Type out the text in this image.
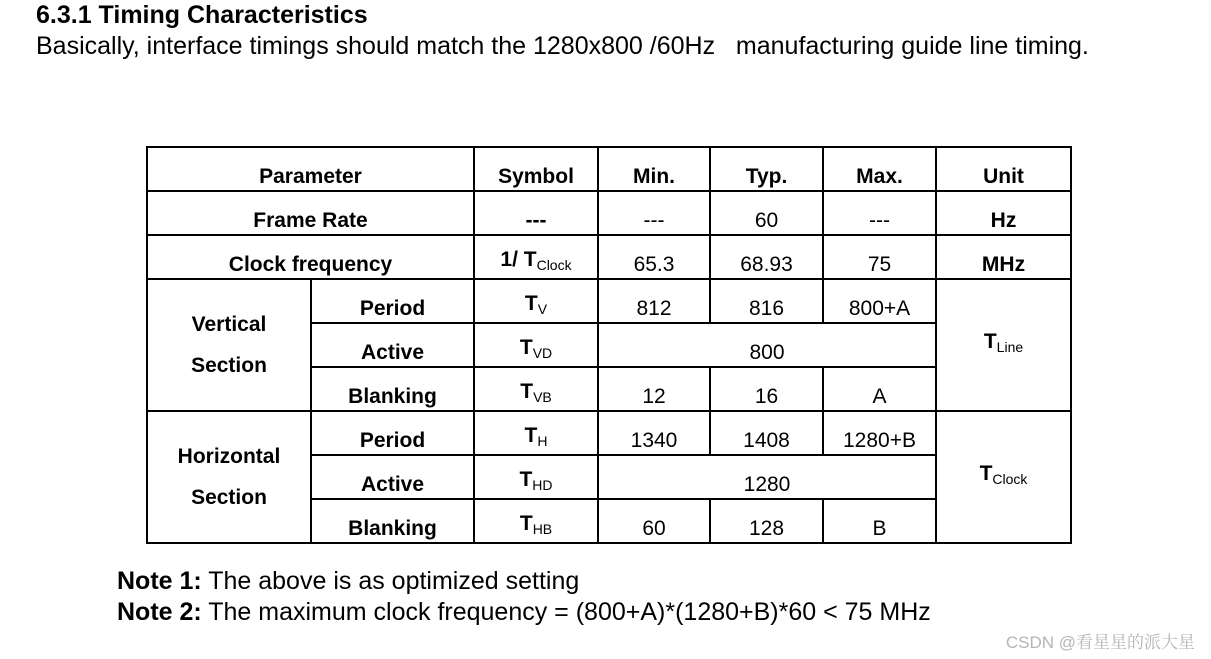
6.3.1 Timing Characteristics
Basically, interface timings should match the 1280x800 /60Hz   manufacturing guide line timing.
Parameter		Symbol	Min.	Typ.	Max.	Unit
Frame Rate		---	---	60	---	Hz
Clock frequency		1/ $T_{Clock}$	65.3	68.93	75	MHz

Vertical
Section	Period	$T_V$	812	816	800+A	$T_{Line}$
	Active	$T_{VD}$	800			
	Blanking	$T_{VB}$	12	16	A	

Horizontal
Section	Period	$T_H$	1340	1408	1280+B	$T_{Clock}$
	Active	$T_{HD}$	1280			
	Blanking	$T_{HB}$	60	128	B	
Note 1: The above is as optimized setting
Note 2: The maximum clock frequency = (800+A)*(1280+B)*60 < 75 MHz
CSDN @看星星的派大星
